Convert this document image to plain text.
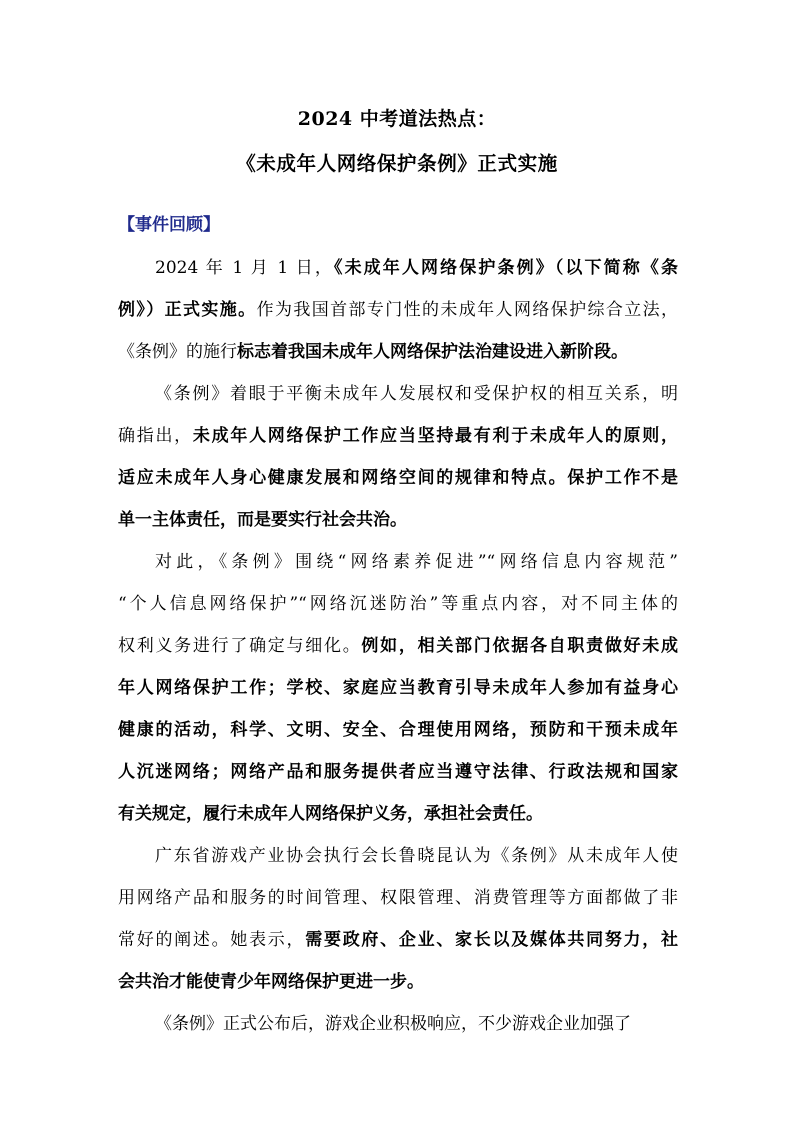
2024 中考道法热点：
《未成年人网络保护条例》正式实施
【事件回顾】
2024 年 1 月 1 日，《未成年人网络保护条例》（以下简称《条
例》）正式实施。作为我国首部专门性的未成年人网络保护综合立法，
《条例》的施行标志着我国未成年人网络保护法治建设进入新阶段。
《条例》着眼于平衡未成年人发展权和受保护权的相互关系，明
确指出，未成年人网络保护工作应当坚持最有利于未成年人的原则，
适应未成年人身心健康发展和网络空间的规律和特点。保护工作不是
单一主体责任，而是要实行社会共治。
对此，《条例》围绕“网络素养促进”“网络信息内容规范”
“个人信息网络保护”“网络沉迷防治”等重点内容，对不同主体的
权利义务进行了确定与细化。例如，相关部门依据各自职责做好未成
年人网络保护工作；学校、家庭应当教育引导未成年人参加有益身心
健康的活动，科学、文明、安全、合理使用网络，预防和干预未成年
人沉迷网络；网络产品和服务提供者应当遵守法律、行政法规和国家
有关规定，履行未成年人网络保护义务，承担社会责任。
广东省游戏产业协会执行会长鲁晓昆认为《条例》从未成年人使
用网络产品和服务的时间管理、权限管理、消费管理等方面都做了非
常好的阐述。她表示，需要政府、企业、家长以及媒体共同努力，社
会共治才能使青少年网络保护更进一步。
《条例》正式公布后，游戏企业积极响应，不少游戏企业加强了
